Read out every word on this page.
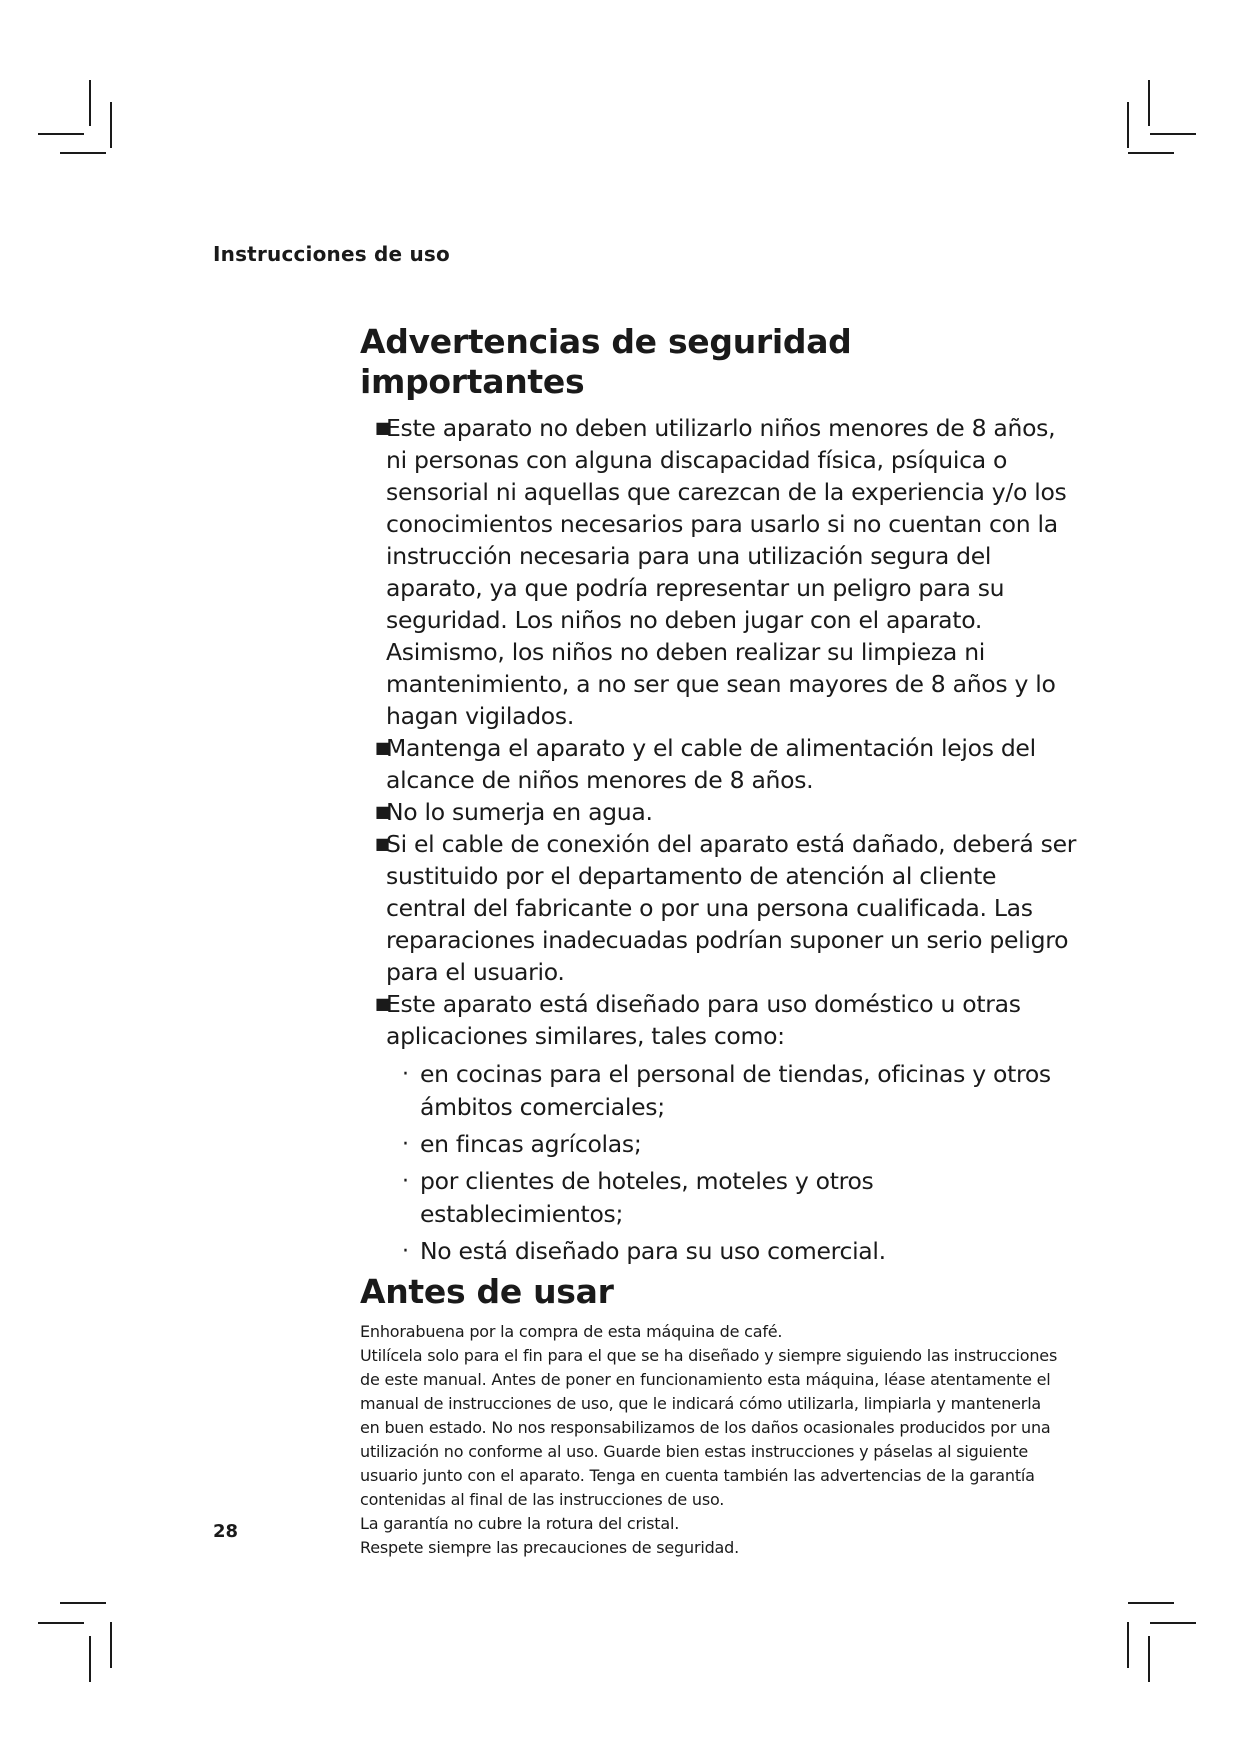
Instrucciones de uso
Advertencias de seguridad importantes
■
Este aparato no deben utilizarlo niños menores de 8 años, ni personas con alguna discapacidad física, psíquica o sensorial ni aquellas que carezcan de la experiencia y/o los conocimientos necesarios para usarlo si no cuentan con la instrucción necesaria para una utilización segura del aparato, ya que podría representar un peligro para su seguridad. Los niños no deben jugar con el aparato. Asimismo, los niños no deben realizar su limpieza ni mantenimiento, a no ser que sean mayores de 8 años y lo hagan vigilados.
■
Mantenga el aparato y el cable de alimentación lejos del alcance de niños menores de 8 años.
■
No lo sumerja en agua.
■
Si el cable de conexión del aparato está dañado, deberá ser sustituido por el departamento de atención al cliente central del fabricante o por una persona cualificada. Las reparaciones inadecuadas podrían suponer un serio peligro para el usuario.
■
Este aparato está diseñado para uso doméstico u otras aplicaciones similares, tales como:
· en cocinas para el personal de tiendas, oficinas y otros ámbitos comerciales;
· en fincas agrícolas;
· por clientes de hoteles, moteles y otros establecimientos;
· No está diseñado para su uso comercial.
Antes de usar

Enhorabuena por la compra de esta máquina de café.

Utilícela solo para el fin para el que se ha diseñado y siempre siguiendo las instrucciones de este manual. Antes de poner en funcionamiento esta máquina, léase atentamente el manual de instrucciones de uso, que le indicará cómo utilizarla, limpiarla y mantenerla en buen estado. No nos responsabilizamos de los daños ocasionales producidos por una utilización no conforme al uso. Guarde bien estas instrucciones y páselas al siguiente usuario junto con el aparato. Tenga en cuenta también las advertencias de la garantía contenidas al final de las instrucciones de uso.

La garantía no cubre la rotura del cristal.

Respete siempre las precauciones de seguridad.

28
